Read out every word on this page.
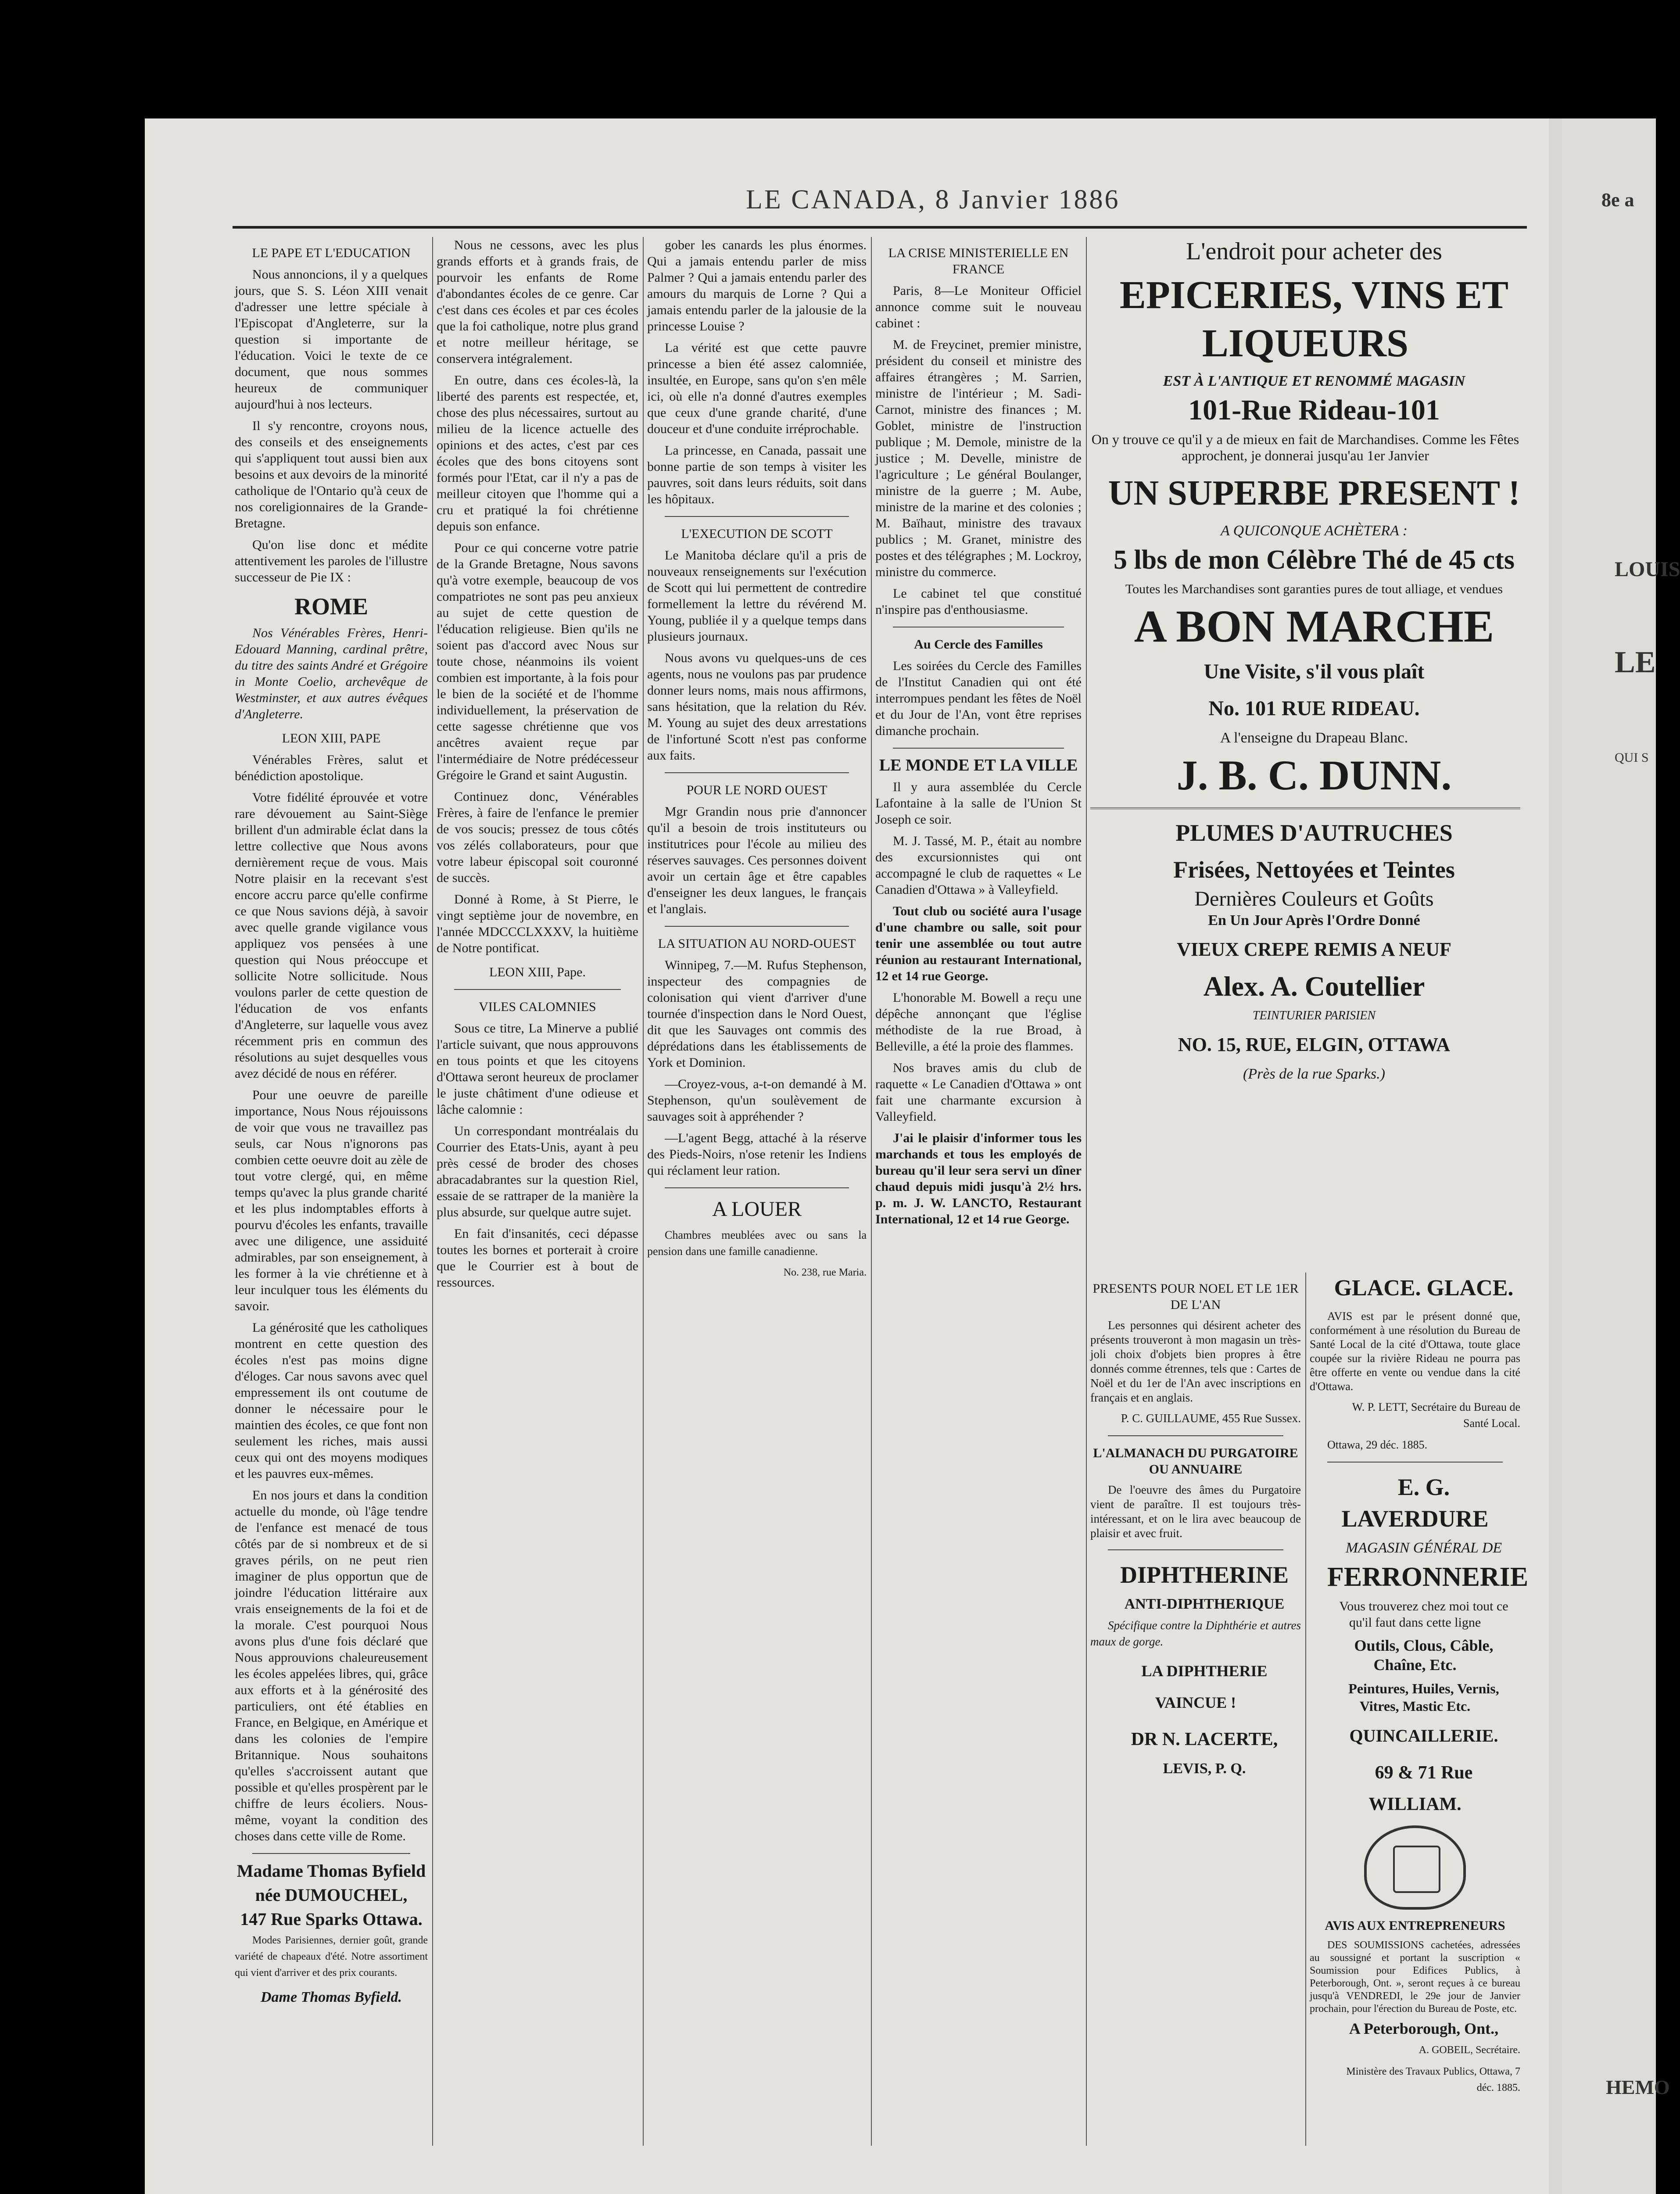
8e a
LOUIS
LE
QUI S
HEMO
LE CANADA, 8 Janvier 1886

LE PAPE ET L'EDUCATION

Nous annoncions, il y a quelques jours, que S. S. Léon XIII venait d'adresser une lettre spéciale à l'Episcopat d'Angleterre, sur la question si importante de l'éducation. Voici le texte de ce document, que nous sommes heureux de communiquer aujourd'hui à nos lecteurs.

Il s'y rencontre, croyons nous, des conseils et des enseignements qui s'appliquent tout aussi bien aux besoins et aux devoirs de la minorité catholique de l'Ontario qu'à ceux de nos coreligionnaires de la Grande-Bretagne.

Qu'on lise donc et médite attentivement les paroles de l'illustre successeur de Pie IX :

ROME

Nos Vénérables Frères, Henri-Edouard Manning, cardinal prêtre, du titre des saints André et Grégoire in Monte Coelio, archevêque de Westminster, et aux autres évêques d'Angleterre.

LEON XIII, PAPE

Vénérables Frères, salut et bénédiction apostolique.

Votre fidélité éprouvée et votre rare dévouement au Saint-Siège brillent d'un admirable éclat dans la lettre collective que Nous avons dernièrement reçue de vous. Mais Notre plaisir en la recevant s'est encore accru parce qu'elle confirme ce que Nous savions déjà, à savoir avec quelle grande vigilance vous appliquez vos pensées à une question qui Nous préoccupe et sollicite Notre sollicitude. Nous voulons parler de cette question de l'éducation de vos enfants d'Angleterre, sur laquelle vous avez récemment pris en commun des résolutions au sujet desquelles vous avez décidé de nous en référer.

Pour une oeuvre de pareille importance, Nous Nous réjouissons de voir que vous ne travaillez pas seuls, car Nous n'ignorons pas combien cette oeuvre doit au zèle de tout votre clergé, qui, en même temps qu'avec la plus grande charité et les plus indomptables efforts à pourvu d'écoles les enfants, travaille avec une diligence, une assiduité admirables, par son enseignement, à les former à la vie chrétienne et à leur inculquer tous les éléments du savoir.

La générosité que les catholiques montrent en cette question des écoles n'est pas moins digne d'éloges. Car nous savons avec quel empressement ils ont coutume de donner le nécessaire pour le maintien des écoles, ce que font non seulement les riches, mais aussi ceux qui ont des moyens modiques et les pauvres eux-mêmes.

En nos jours et dans la condition actuelle du monde, où l'âge tendre de l'enfance est menacé de tous côtés par de si nombreux et de si graves périls, on ne peut rien imaginer de plus opportun que de joindre l'éducation littéraire aux vrais enseignements de la foi et de la morale. C'est pourquoi Nous avons plus d'une fois déclaré que Nous approuvions chaleureusement les écoles appelées libres, qui, grâce aux efforts et à la générosité des particuliers, ont été établies en France, en Belgique, en Amérique et dans les colonies de l'empire Britannique. Nous souhaitons qu'elles s'accroissent autant que possible et qu'elles prospèrent par le chiffre de leurs écoliers. Nous-même, voyant la condition des choses dans cette ville de Rome.

Madame Thomas Byfield

née DUMOUCHEL,

147 Rue Sparks Ottawa.

Modes Parisiennes, dernier goût, grande variété de chapeaux d'été. Notre assortiment qui vient d'arriver et des prix courants.

Dame Thomas Byfield.

Nous ne cessons, avec les plus grands efforts et à grands frais, de pourvoir les enfants de Rome d'abondantes écoles de ce genre. Car c'est dans ces écoles et par ces écoles que la foi catholique, notre plus grand et notre meilleur héritage, se conservera intégralement.

En outre, dans ces écoles-là, la liberté des parents est respectée, et, chose des plus nécessaires, surtout au milieu de la licence actuelle des opinions et des actes, c'est par ces écoles que des bons citoyens sont formés pour l'Etat, car il n'y a pas de meilleur citoyen que l'homme qui a cru et pratiqué la foi chrétienne depuis son enfance.

Pour ce qui concerne votre patrie de la Grande Bretagne, Nous savons qu'à votre exemple, beaucoup de vos compatriotes ne sont pas peu anxieux au sujet de cette question de l'éducation religieuse. Bien qu'ils ne soient pas d'accord avec Nous sur toute chose, néanmoins ils voient combien est importante, à la fois pour le bien de la société et de l'homme individuellement, la préservation de cette sagesse chrétienne que vos ancêtres avaient reçue par l'intermédiaire de Notre prédécesseur Grégoire le Grand et saint Augustin.

Continuez donc, Vénérables Frères, à faire de l'enfance le premier de vos soucis; pressez de tous côtés vos zélés collaborateurs, pour que votre labeur épiscopal soit couronné de succès.

Donné à Rome, à St Pierre, le vingt septième jour de novembre, en l'année MDCCCLXXXV, la huitième de Notre pontificat.

LEON XIII, Pape.

VILES CALOMNIES

Sous ce titre, La Minerve a publié l'article suivant, que nous approuvons en tous points et que les citoyens d'Ottawa seront heureux de proclamer le juste châtiment d'une odieuse et lâche calomnie :

Un correspondant montréalais du Courrier des Etats-Unis, ayant à peu près cessé de broder des choses abracadabrantes sur la question Riel, essaie de se rattraper de la manière la plus absurde, sur quelque autre sujet.

En fait d'insanités, ceci dépasse toutes les bornes et porterait à croire que le Courrier est à bout de ressources.

gober les canards les plus énormes. Qui a jamais entendu parler de miss Palmer ? Qui a jamais entendu parler des amours du marquis de Lorne ? Qui a jamais entendu parler de la jalousie de la princesse Louise ?

La vérité est que cette pauvre princesse a bien été assez calomniée, insultée, en Europe, sans qu'on s'en mêle ici, où elle n'a donné d'autres exemples que ceux d'une grande charité, d'une douceur et d'une conduite irréprochable.

La princesse, en Canada, passait une bonne partie de son temps à visiter les pauvres, soit dans leurs réduits, soit dans les hôpitaux.

L'EXECUTION DE SCOTT

Le Manitoba déclare qu'il a pris de nouveaux renseignements sur l'exécution de Scott qui lui permettent de contredire formellement la lettre du révérend M. Young, publiée il y a quelque temps dans plusieurs journaux.

Nous avons vu quelques-uns de ces agents, nous ne voulons pas par prudence donner leurs noms, mais nous affirmons, sans hésitation, que la relation du Rév. M. Young au sujet des deux arrestations de l'infortuné Scott n'est pas conforme aux faits.

POUR LE NORD OUEST

Mgr Grandin nous prie d'annoncer qu'il a besoin de trois instituteurs ou institutrices pour l'école au milieu des réserves sauvages. Ces personnes doivent avoir un certain âge et être capables d'enseigner les deux langues, le français et l'anglais.

LA SITUATION AU NORD-OUEST

Winnipeg, 7.—M. Rufus Stephenson, inspecteur des compagnies de colonisation qui vient d'arriver d'une tournée d'inspection dans le Nord Ouest, dit que les Sauvages ont commis des déprédations dans les établissements de York et Dominion.

—Croyez-vous, a-t-on demandé à M. Stephenson, qu'un soulèvement de sauvages soit à appréhender ?

—L'agent Begg, attaché à la réserve des Pieds-Noirs, n'ose retenir les Indiens qui réclament leur ration.

A LOUER

Chambres meublées avec ou sans la pension dans une famille canadienne.

No. 238, rue Maria.

LA CRISE MINISTERIELLE EN FRANCE

Paris, 8—Le Moniteur Officiel annonce comme suit le nouveau cabinet :

M. de Freycinet, premier ministre, président du conseil et ministre des affaires étrangères ; M. Sarrien, ministre de l'intérieur ; M. Sadi-Carnot, ministre des finances ; M. Goblet, ministre de l'instruction publique ; M. Demole, ministre de la justice ; M. Develle, ministre de l'agriculture ; Le général Boulanger, ministre de la guerre ; M. Aube, ministre de la marine et des colonies ; M. Baïhaut, ministre des travaux publics ; M. Granet, ministre des postes et des télégraphes ; M. Lockroy, ministre du commerce.

Le cabinet tel que constitué n'inspire pas d'enthousiasme.

Au Cercle des Familles

Les soirées du Cercle des Familles de l'Institut Canadien qui ont été interrompues pendant les fêtes de Noël et du Jour de l'An, vont être reprises dimanche prochain.

LE MONDE ET LA VILLE

Il y aura assemblée du Cercle Lafontaine à la salle de l'Union St Joseph ce soir.

M. J. Tassé, M. P., était au nombre des excursionnistes qui ont accompagné le club de raquettes « Le Canadien d'Ottawa » à Valleyfield.

Tout club ou société aura l'usage d'une chambre ou salle, soit pour tenir une assemblée ou tout autre réunion au restaurant International, 12 et 14 rue George.

L'honorable M. Bowell a reçu une dépêche annonçant que l'église méthodiste de la rue Broad, à Belleville, a été la proie des flammes.

Nos braves amis du club de raquette « Le Canadien d'Ottawa » ont fait une charmante excursion à Valleyfield.

J'ai le plaisir d'informer tous les marchands et tous les employés de bureau qu'il leur sera servi un dîner chaud depuis midi jusqu'à 2½ hrs. p. m. J. W. LANCTO, Restaurant International, 12 et 14 rue George.

L'endroit pour acheter des

EPICERIES, VINS ET LIQUEURS

EST À L'ANTIQUE ET RENOMMÉ MAGASIN

101-Rue Rideau-101

On y trouve ce qu'il y a de mieux en fait de Marchandises. Comme les Fêtes approchent, je donnerai jusqu'au 1er Janvier

UN SUPERBE PRESENT !

A QUICONQUE ACHÈTERA :

5 lbs de mon Célèbre Thé de 45 cts

Toutes les Marchandises sont garanties pures de tout alliage, et vendues

A BON MARCHE

Une Visite, s'il vous plaît

No. 101 RUE RIDEAU.

A l'enseigne du Drapeau Blanc.

J. B. C. DUNN.

PLUMES D'AUTRUCHES

Frisées, Nettoyées et Teintes

Dernières Couleurs et Goûts

En Un Jour Après l'Ordre Donné

VIEUX CREPE REMIS A NEUF

Alex. A. Coutellier

TEINTURIER PARISIEN

NO. 15, RUE, ELGIN, OTTAWA

(Près de la rue Sparks.)

PRESENTS POUR NOEL ET LE 1ER DE L'AN

Les personnes qui désirent acheter des présents trouveront à mon magasin un très-joli choix d'objets bien propres à être donnés comme étrennes, tels que : Cartes de Noël et du 1er de l'An avec inscriptions en français et en anglais.

P. C. GUILLAUME, 455 Rue Sussex.

L'ALMANACH DU PURGATOIRE OU ANNUAIRE

De l'oeuvre des âmes du Purgatoire vient de paraître. Il est toujours très-intéressant, et on le lira avec beaucoup de plaisir et avec fruit.

DIPHTHERINE

ANTI-DIPHTHERIQUE

Spécifique contre la Diphthérie et autres maux de gorge.

LA DIPHTHERIE VAINCUE !

DR N. LACERTE,

LEVIS, P. Q.

GLACE. GLACE.

AVIS est par le présent donné que, conformément à une résolution du Bureau de Santé Local de la cité d'Ottawa, toute glace coupée sur la rivière Rideau ne pourra pas être offerte en vente ou vendue dans la cité d'Ottawa.

W. P. LETT, Secrétaire du Bureau de Santé Local.

Ottawa, 29 déc. 1885.

E. G. LAVERDURE

MAGASIN GÉNÉRAL DE

FERRONNERIE

Vous trouverez chez moi tout ce qu'il faut dans cette ligne

Outils, Clous, Câble, Chaîne, Etc.

Peintures, Huiles, Vernis, Vitres, Mastic Etc.

QUINCAILLERIE.

69 & 71 Rue WILLIAM.

AVIS AUX ENTREPRENEURS

DES SOUMISSIONS cachetées, adressées au soussigné et portant la suscription « Soumission pour Edifices Publics, à Peterborough, Ont. », seront reçues à ce bureau jusqu'à VENDREDI, le 29e jour de Janvier prochain, pour l'érection du Bureau de Poste, etc.

A Peterborough, Ont.,

A. GOBEIL, Secrétaire.

Ministère des Travaux Publics, Ottawa, 7 déc. 1885.
